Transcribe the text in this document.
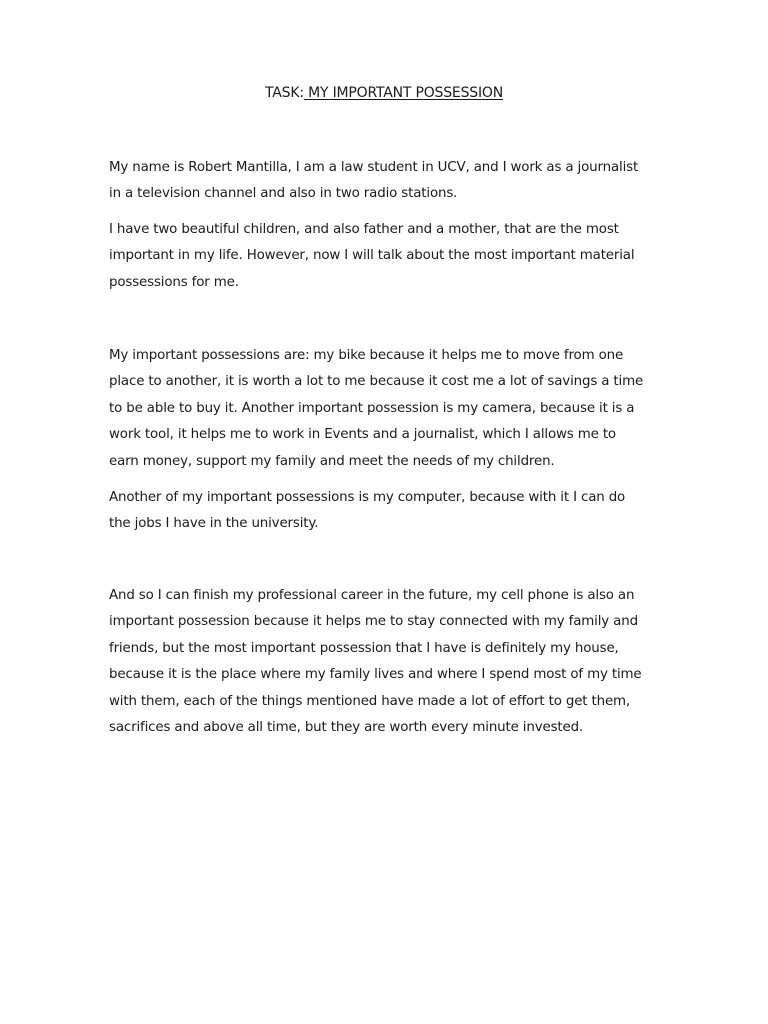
TASK: MY IMPORTANT POSSESSION

My name is Robert Mantilla, I am a law student in UCV, and I work as a journalist

in a television channel and also in two radio stations.

I have two beautiful children, and also father and a mother, that are the most

important in my life. However, now I will talk about the most important material

possessions for me.

My important possessions are: my bike because it helps me to move from one

place to another, it is worth a lot to me because it cost me a lot of savings a time

to be able to buy it. Another important possession is my camera, because it is a

work tool, it helps me to work in Events and a journalist, which I allows me to

earn money, support my family and meet the needs of my children.

Another of my important possessions is my computer, because with it I can do

the jobs I have in the university.

And so I can finish my professional career in the future, my cell phone is also an

important possession because it helps me to stay connected with my family and

friends, but the most important possession that I have is definitely my house,

because it is the place where my family lives and where I spend most of my time

with them, each of the things mentioned have made a lot of effort to get them,

sacrifices and above all time, but they are worth every minute invested.
